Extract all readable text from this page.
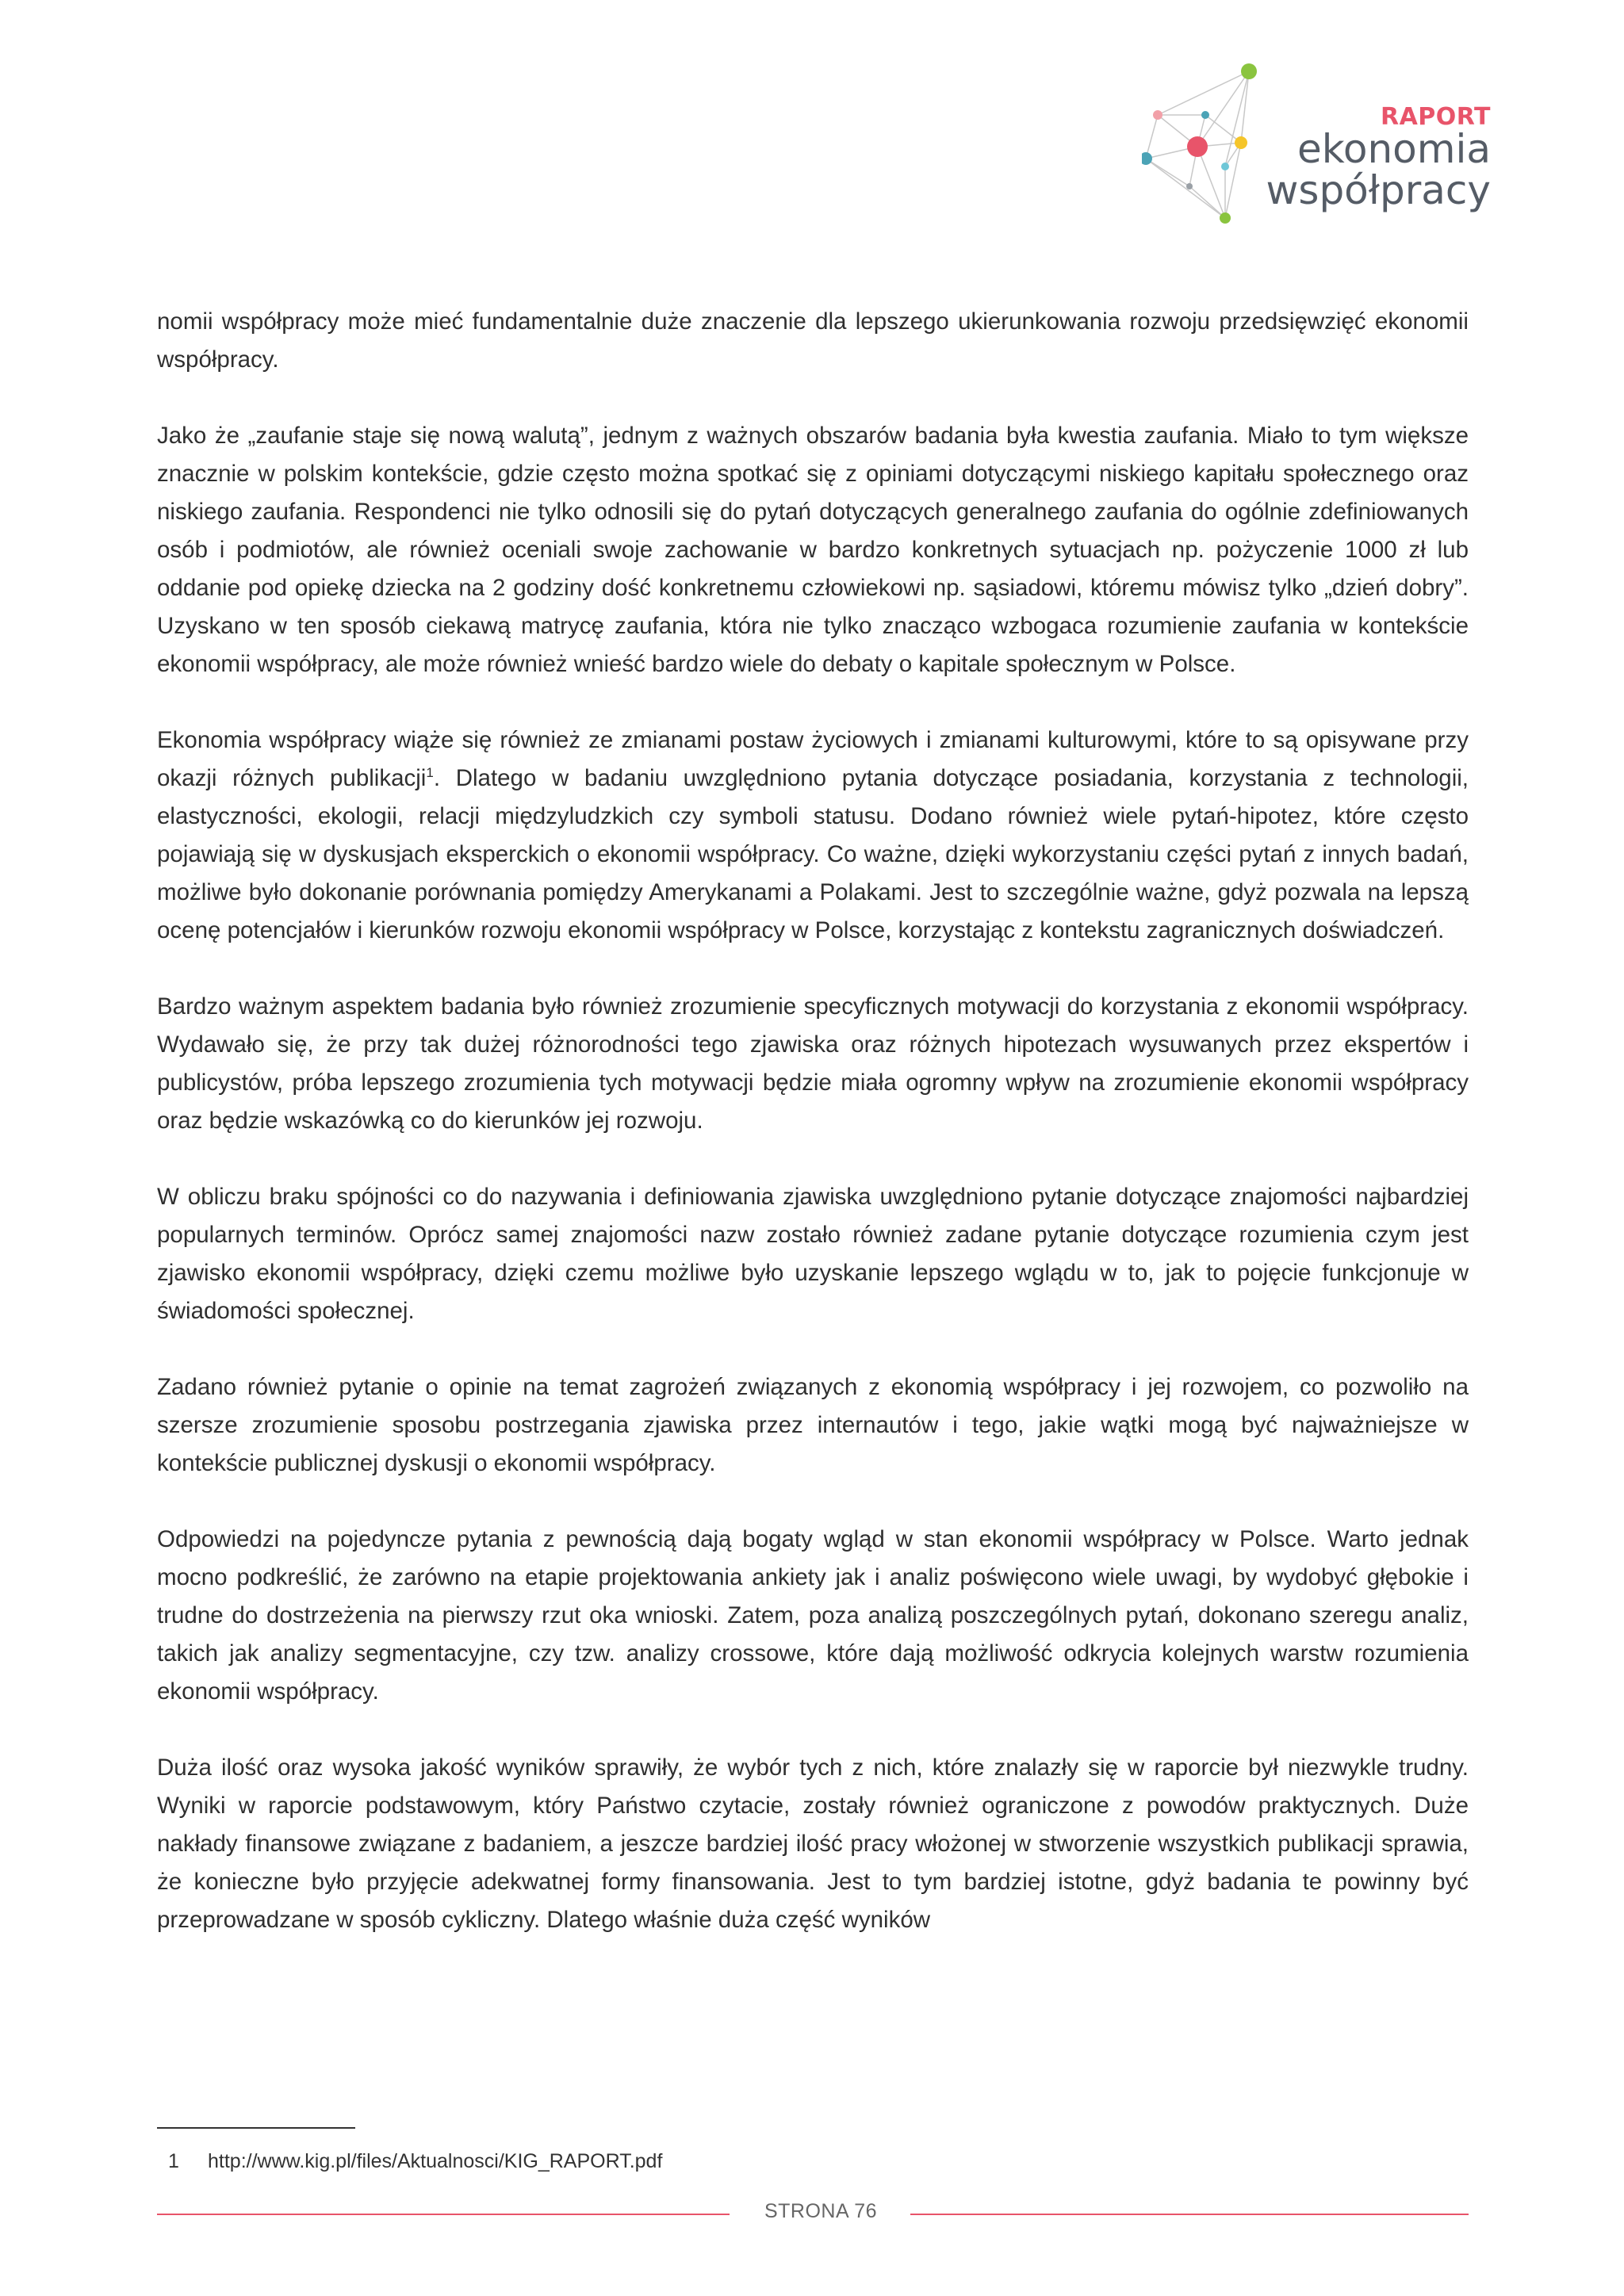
RAPORT
ekonomia
współpracy

nomii współpracy może mieć fundamentalnie duże znaczenie dla lepszego ukierunkowania rozwoju przedsięwzięć ekonomii współpracy.

Jako że „zaufanie staje się nową walutą”, jednym z ważnych obszarów badania była kwestia zaufania. Miało to tym większe znacznie w polskim kontekście, gdzie często można spotkać się z opiniami dotyczącymi niskiego kapitału społecznego oraz niskiego zaufania. Respondenci nie tylko odnosili się do pytań dotyczących generalnego zaufania do ogólnie zdefiniowanych osób i podmiotów, ale również oceniali swoje zachowanie w bardzo konkretnych sytuacjach np. pożyczenie 1000 zł lub oddanie pod opiekę dziecka na 2 godziny dość konkretnemu człowiekowi np. sąsiadowi, któremu mówisz tylko „dzień dobry”. Uzyskano w ten sposób ciekawą matrycę zaufania, która nie tylko znacząco wzbogaca rozumienie zaufania w kontekście ekonomii współpracy, ale może również wnieść bardzo wiele do debaty o kapitale społecznym w Polsce.

Ekonomia współpracy wiąże się również ze zmianami postaw życiowych i zmianami kulturowymi, które to są opisywane przy okazji różnych publikacji$^1$. Dlatego w badaniu uwzględniono pytania dotyczące posiadania, korzystania z technologii, elastyczności, ekologii, relacji międzyludzkich czy symboli statusu. Dodano również wiele pytań-hipotez, które często pojawiają się w dyskusjach eksperckich o ekonomii współpracy. Co ważne, dzięki wykorzystaniu części pytań z innych badań, możliwe było dokonanie porównania pomiędzy Amerykanami a Polakami. Jest to szczególnie ważne, gdyż pozwala na lepszą ocenę potencjałów i kierunków rozwoju ekonomii współpracy w Polsce, korzystając z kontekstu zagranicznych doświadczeń.

Bardzo ważnym aspektem badania było również zrozumienie specyficznych motywacji do korzystania z ekonomii współpracy. Wydawało się, że przy tak dużej różnorodności tego zjawiska oraz różnych hipotezach wysuwanych przez ekspertów i publicystów, próba lepszego zrozumienia tych motywacji będzie miała ogromny wpływ na zrozumienie ekonomii współpracy oraz będzie wskazówką co do kierunków jej rozwoju.

W obliczu braku spójności co do nazywania i definiowania zjawiska uwzględniono pytanie dotyczące znajomości najbardziej popularnych terminów. Oprócz samej znajomości nazw zostało również zadane pytanie dotyczące rozumienia czym jest zjawisko ekonomii współpracy, dzięki czemu możliwe było uzyskanie lepszego wglądu w to, jak to pojęcie funkcjonuje w świadomości społecznej.

Zadano również pytanie o opinie na temat zagrożeń związanych z ekonomią współpracy i jej rozwojem, co pozwoliło na szersze zrozumienie sposobu postrzegania zjawiska przez internautów i tego, jakie wątki mogą być najważniejsze w kontekście publicznej dyskusji o ekonomii współpracy.

Odpowiedzi na pojedyncze pytania z pewnością dają bogaty wgląd w stan ekonomii współpracy w Polsce. Warto jednak mocno podkreślić, że zarówno na etapie projektowania ankiety jak i analiz poświęcono wiele uwagi, by wydobyć głębokie i trudne do dostrzeżenia na pierwszy rzut oka wnioski. Zatem, poza analizą poszczególnych pytań, dokonano szeregu analiz, takich jak analizy segmentacyjne, czy tzw. analizy crossowe, które dają możliwość odkrycia kolejnych warstw rozumienia ekonomii współpracy.

Duża ilość oraz wysoka jakość wyników sprawiły, że wybór tych z nich, które znalazły się w raporcie był niezwykle trudny. Wyniki w raporcie podstawowym, który Państwo czytacie, zostały również ograniczone z powodów praktycznych. Duże nakłady finansowe związane z badaniem, a jeszcze bardziej ilość pracy włożonej w stworzenie wszystkich publikacji sprawia, że konieczne było przyjęcie adekwatnej formy finansowania. Jest to tym bardziej istotne, gdyż badania te powinny być przeprowadzane w sposób cykliczny. Dlatego właśnie duża część wyników

1 http://www.kig.pl/files/Aktualnosci/KIG_RAPORT.pdf
STRONA 76
